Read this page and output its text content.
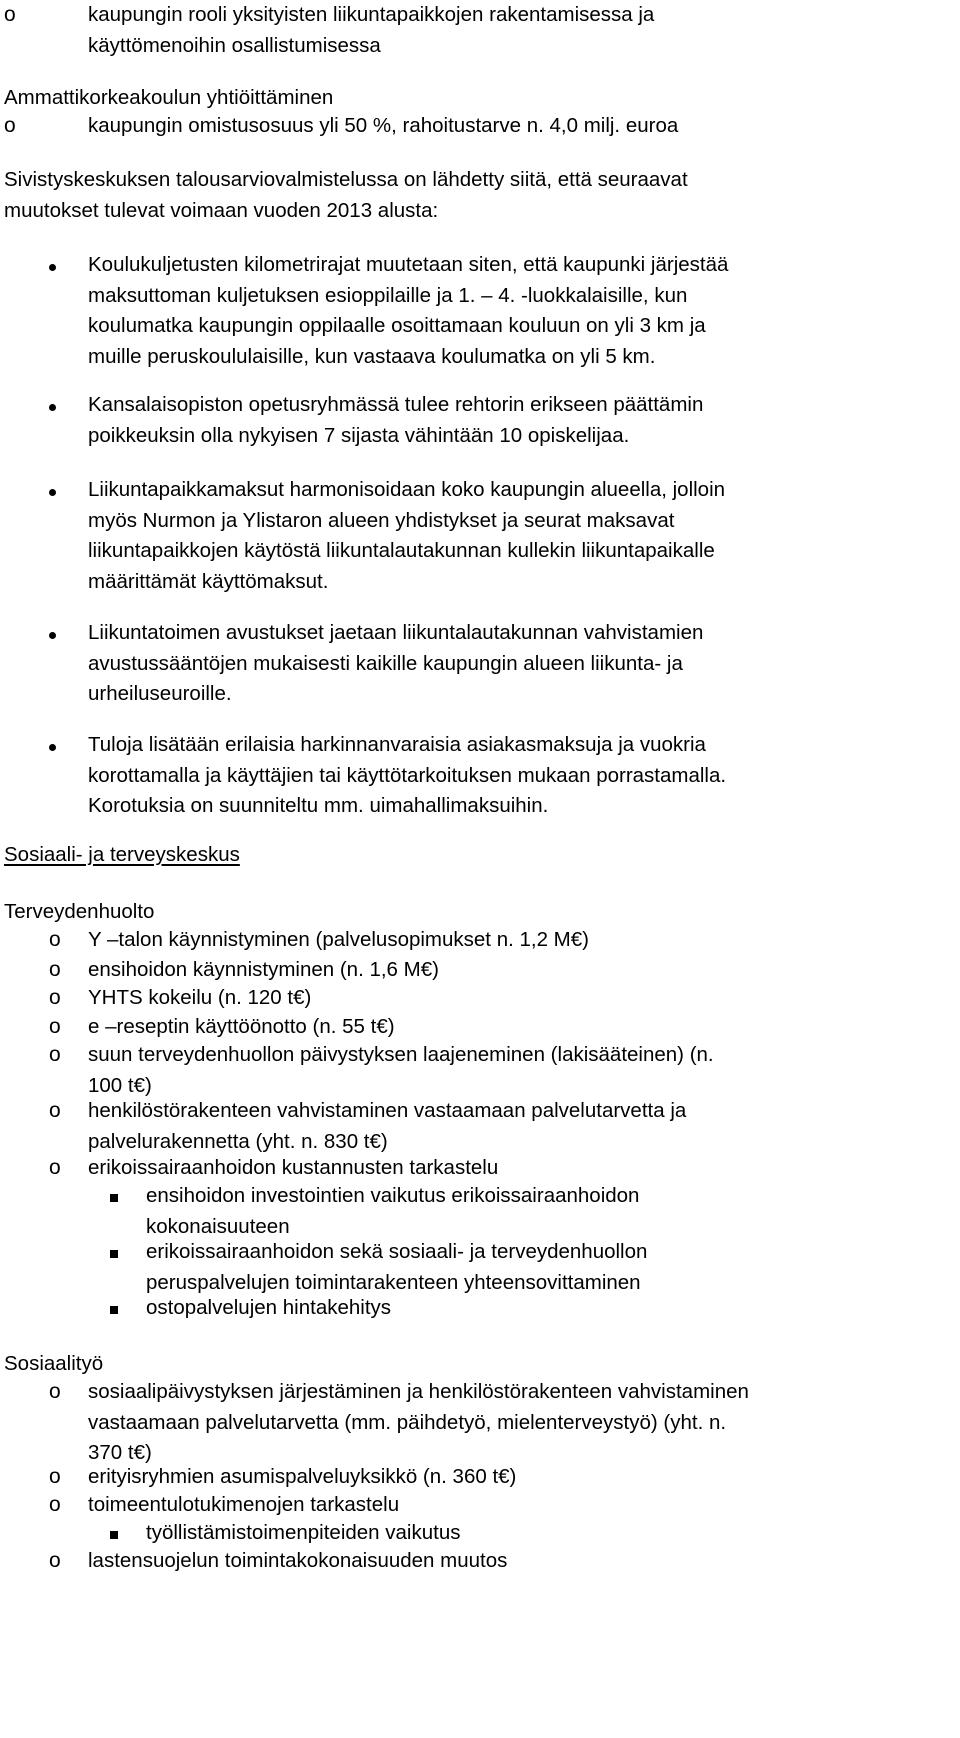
o	kaupungin rooli yksityisten liikuntapaikkojen rakentamisessa ja
käyttömenoihin osallistumisessa
Ammattikorkeakoulun yhtiöittäminen
o	kaupungin omistusosuus yli 50 %, rahoitustarve n. 4,0 milj. euroa
Sivistyskeskuksen talousarviovalmistelussa on lähdetty siitä, että seuraavat
muutokset tulevat voimaan vuoden 2013 alusta:
Koulukuljetusten kilometrirajat muutetaan siten, että kaupunki järjestää
maksuttoman kuljetuksen esioppilaille ja 1. – 4. -luokkalaisille, kun
koulumatka kaupungin oppilaalle osoittamaan kouluun on yli 3 km ja
muille peruskoululaisille, kun vastaava koulumatka on yli 5 km.
Kansalaisopiston opetusryhmässä tulee rehtorin erikseen päättämin
poikkeuksin olla nykyisen 7 sijasta vähintään 10 opiskelijaa.
Liikuntapaikkamaksut harmonisoidaan koko kaupungin alueella, jolloin
myös Nurmon ja Ylistaron alueen yhdistykset ja seurat maksavat
liikuntapaikkojen käytöstä liikuntalautakunnan kullekin liikuntapaikalle
määrittämät käyttömaksut.
Liikuntatoimen avustukset jaetaan liikuntalautakunnan vahvistamien
avustussääntöjen mukaisesti kaikille kaupungin alueen liikunta- ja
urheiluseuroille.
Tuloja lisätään erilaisia harkinnanvaraisia asiakasmaksuja ja vuokria
korottamalla ja käyttäjien tai käyttötarkoituksen mukaan porrastamalla.
Korotuksia on suunniteltu mm. uimahallimaksuihin.
Sosiaali- ja terveyskeskus
Terveydenhuolto
o Y –talon käynnistyminen (palvelusopimukset n. 1,2 M€)
o ensihoidon käynnistyminen (n. 1,6 M€)
o YHTS kokeilu (n. 120 t€)
o e –reseptin käyttöönotto (n. 55 t€)
o suun terveydenhuollon päivystyksen laajeneminen (lakisääteinen) (n.
100 t€)
o henkilöstörakenteen vahvistaminen vastaamaan palvelutarvetta ja
palvelurakennetta (yht. n. 830 t€)
o erikoissairaanhoidon kustannusten tarkastelu
ensihoidon investointien vaikutus erikoissairaanhoidon
kokonaisuuteen
erikoissairaanhoidon sekä sosiaali- ja terveydenhuollon
peruspalvelujen toimintarakenteen yhteensovittaminen
ostopalvelujen hintakehitys
Sosiaalityö
o sosiaalipäivystyksen järjestäminen ja henkilöstörakenteen vahvistaminen
vastaamaan palvelutarvetta (mm. päihdetyö, mielenterveystyö) (yht. n.
370 t€)
o erityisryhmien asumispalveluyksikkö (n. 360 t€)
o toimeentulotukimenojen tarkastelu
työllistämistoimenpiteiden vaikutus
o lastensuojelun toimintakokonaisuuden muutos
